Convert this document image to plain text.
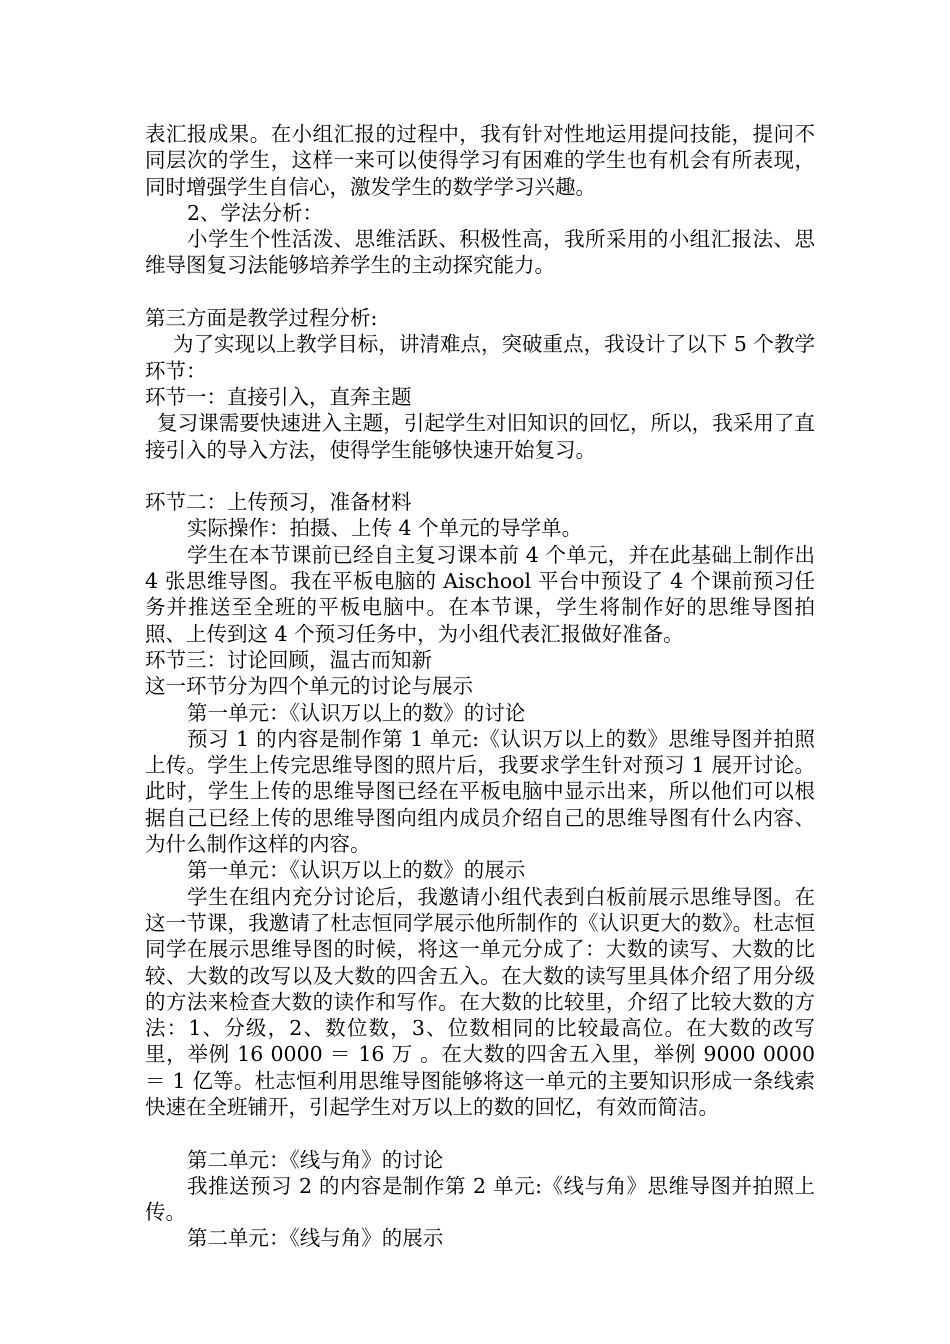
表汇报成果。在小组汇报的过程中，我有针对性地运用提问技能，提问不同层次的学生，这样一来可以使得学习有困难的学生也有机会有所表现，同时增强学生自信心，激发学生的数学学习兴趣。

2、学法分析：

小学生个性活泼、思维活跃、积极性高，我所采用的小组汇报法、思维导图复习法能够培养学生的主动探究能力。

第三方面是教学过程分析:

为了实现以上教学目标，讲清难点，突破重点，我设计了以下 5 个教学环节：

环节一：直接引入，直奔主题

复习课需要快速进入主题，引起学生对旧知识的回忆，所以，我采用了直接引入的导入方法，使得学生能够快速开始复习。

环节二：上传预习，准备材料

实际操作：拍摄、上传 4 个单元的导学单。

学生在本节课前已经自主复习课本前 4 个单元，并在此基础上制作出 4 张思维导图。我在平板电脑的 Aischool 平台中预设了 4 个课前预习任务并推送至全班的平板电脑中。在本节课，学生将制作好的思维导图拍照、上传到这 4 个预习任务中，为小组代表汇报做好准备。

环节三：讨论回顾，温古而知新

这一环节分为四个单元的讨论与展示

第一单元：《认识万以上的数》的讨论

预习 1 的内容是制作第 1 单元:《认识万以上的数》思维导图并拍照上传。学生上传完思维导图的照片后，我要求学生针对预习 1 展开讨论。此时，学生上传的思维导图已经在平板电脑中显示出来，所以他们可以根据自己已经上传的思维导图向组内成员介绍自己的思维导图有什么内容、为什么制作这样的内容。

第一单元：《认识万以上的数》的展示

学生在组内充分讨论后，我邀请小组代表到白板前展示思维导图。在这一节课，我邀请了杜志恒同学展示他所制作的《认识更大的数》。杜志恒同学在展示思维导图的时候，将这一单元分成了：大数的读写、大数的比较、大数的改写以及大数的四舍五入。在大数的读写里具体介绍了用分级的方法来检查大数的读作和写作。在大数的比较里，介绍了比较大数的方法：1、分级，2、数位数，3、位数相同的比较最高位。在大数的改写里，举例 16 0000 ＝ 16 万 。在大数的四舍五入里，举例 9000 0000＝ 1 亿等。杜志恒利用思维导图能够将这一单元的主要知识形成一条线索快速在全班铺开，引起学生对万以上的数的回忆，有效而简洁。

第二单元：《线与角》的讨论

我推送预习 2 的内容是制作第 2 单元:《线与角》思维导图并拍照上传。

第二单元：《线与角》的展示
